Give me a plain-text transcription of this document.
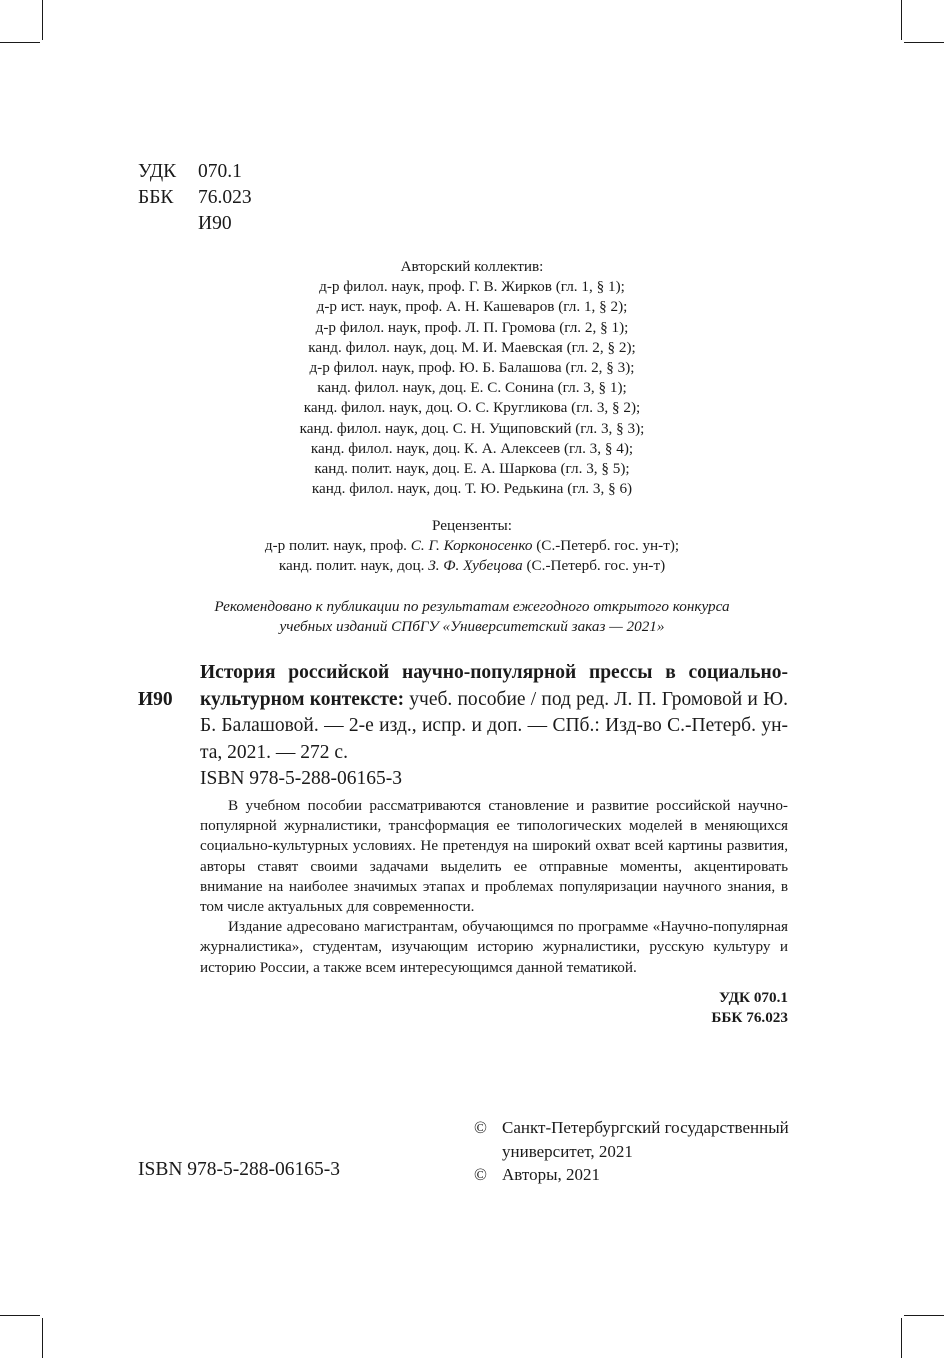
УДК	070.1
ББК	76.023
И90
Авторский коллектив:
д-р филол. наук, проф. Г. В. Жирков (гл. 1, § 1);
д-р ист. наук, проф. А. Н. Кашеваров (гл. 1, § 2);
д-р филол. наук, проф. Л. П. Громова (гл. 2, § 1);
канд. филол. наук, доц. М. И. Маевская (гл. 2, § 2);
д-р филол. наук, проф. Ю. Б. Балашова (гл. 2, § 3);
канд. филол. наук, доц. Е. С. Сонина (гл. 3, § 1);
канд. филол. наук, доц. О. С. Кругликова (гл. 3, § 2);
канд. филол. наук, доц. С. Н. Ущиповский (гл. 3, § 3);
канд. филол. наук, доц. К. А. Алексеев (гл. 3, § 4);
канд. полит. наук, доц. Е. А. Шаркова (гл. 3, § 5);
канд. филол. наук, доц. Т. Ю. Редькина (гл. 3, § 6)
Рецензенты:
д-р полит. наук, проф. С. Г. Корконосенко (С.-Петерб. гос. ун-т);
канд. полит. наук, доц. З. Ф. Хубецова (С.-Петерб. гос. ун-т)
Рекомендовано к публикации по результатам ежегодного открытого конкурса
учебных изданий СПбГУ «Университетский заказ — 2021»
И90

История российской научно-популярной прессы в социально-культурном контексте: учеб. пособие / под ред. Л. П. Громовой и Ю. Б. Балашовой. — 2-е изд., испр. и доп. — СПб.: Изд-во С.-Петерб. ун-та, 2021. — 272 с.

ISBN 978-5-288-06165-3

В учебном пособии рассматриваются становление и развитие российской научно-популярной журналистики, трансформация ее типологических моделей в меняющихся социально-культурных условиях. Не претендуя на широкий охват всей картины развития, авторы ставят своими задачами выделить ее отправные моменты, акцентировать внимание на наиболее значимых этапах и проблемах популяризации научного знания, в том числе актуальных для современности.

Издание адресовано магистрантам, обучающимся по программе «Научно-популярная журналистика», студентам, изучающим историю журналистики, русскую культуру и историю России, а также всем интересующимся данной тематикой.

УДК 070.1
ББК 76.023
ISBN 978-5-288-06165-3
© Санкт-Петербургский государственный университет, 2021
© Авторы, 2021
